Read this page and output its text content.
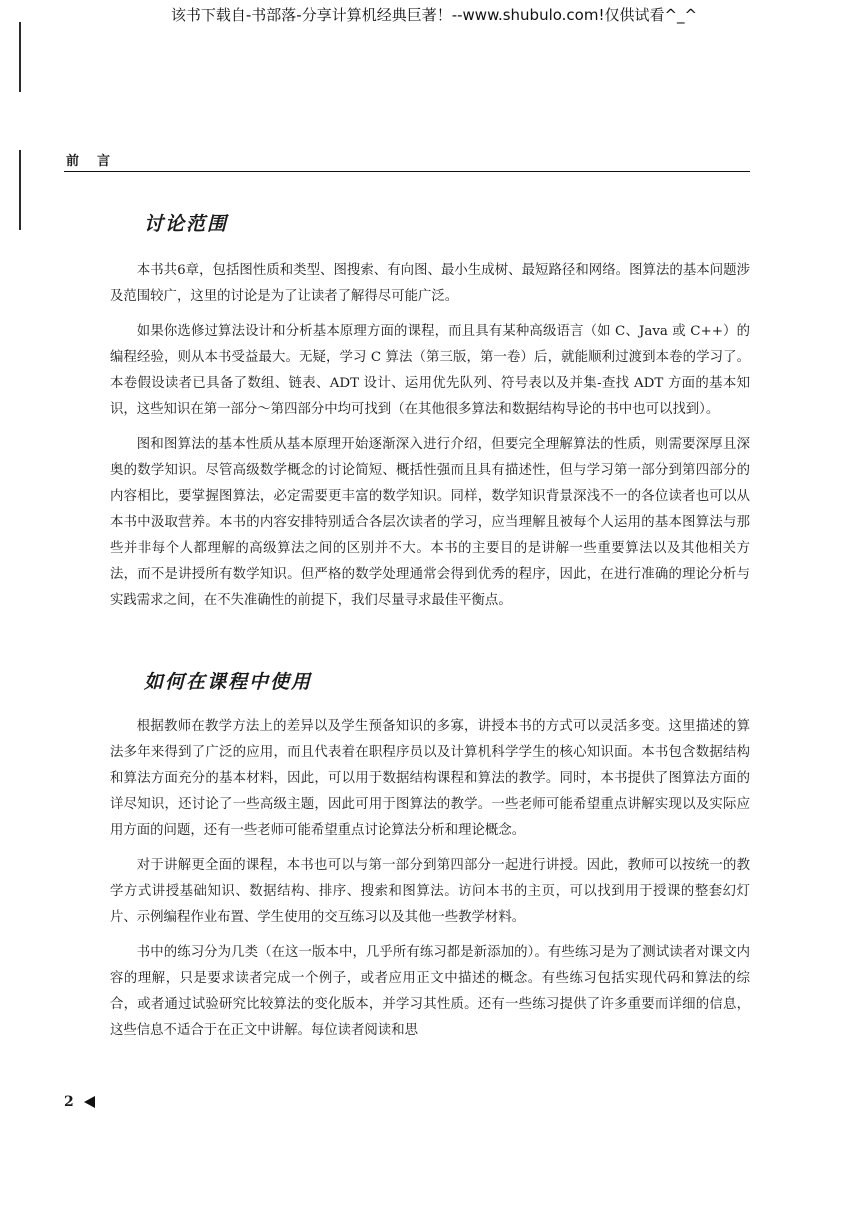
该书下载自-书部落-分享计算机经典巨著！--www.shubulo.com!仅供试看^_^
前言
讨论范围

本书共6章，包括图性质和类型、图搜索、有向图、最小生成树、最短路径和网络。图算法的基本问题涉及范围较广，这里的讨论是为了让读者了解得尽可能广泛。

如果你选修过算法设计和分析基本原理方面的课程，而且具有某种高级语言（如 C、Java 或 C++）的编程经验，则从本书受益最大。无疑，学习 C 算法（第三版，第一卷）后，就能顺利过渡到本卷的学习了。本卷假设读者已具备了数组、链表、ADT 设计、运用优先队列、符号表以及并集-查找 ADT 方面的基本知识，这些知识在第一部分～第四部分中均可找到（在其他很多算法和数据结构导论的书中也可以找到）。

图和图算法的基本性质从基本原理开始逐渐深入进行介绍，但要完全理解算法的性质，则需要深厚且深奥的数学知识。尽管高级数学概念的讨论简短、概括性强而且具有描述性，但与学习第一部分到第四部分的内容相比，要掌握图算法，必定需要更丰富的数学知识。同样，数学知识背景深浅不一的各位读者也可以从本书中汲取营养。本书的内容安排特别适合各层次读者的学习，应当理解且被每个人运用的基本图算法与那些并非每个人都理解的高级算法之间的区别并不大。本书的主要目的是讲解一些重要算法以及其他相关方法，而不是讲授所有数学知识。但严格的数学处理通常会得到优秀的程序，因此，在进行准确的理论分析与实践需求之间，在不失准确性的前提下，我们尽量寻求最佳平衡点。

如何在课程中使用

根据教师在教学方法上的差异以及学生预备知识的多寡，讲授本书的方式可以灵活多变。这里描述的算法多年来得到了广泛的应用，而且代表着在职程序员以及计算机科学学生的核心知识面。本书包含数据结构和算法方面充分的基本材料，因此，可以用于数据结构课程和算法的教学。同时，本书提供了图算法方面的详尽知识，还讨论了一些高级主题，因此可用于图算法的教学。一些老师可能希望重点讲解实现以及实际应用方面的问题，还有一些老师可能希望重点讨论算法分析和理论概念。

对于讲解更全面的课程，本书也可以与第一部分到第四部分一起进行讲授。因此，教师可以按统一的教学方式讲授基础知识、数据结构、排序、搜索和图算法。访问本书的主页，可以找到用于授课的整套幻灯片、示例编程作业布置、学生使用的交互练习以及其他一些教学材料。

书中的练习分为几类（在这一版本中，几乎所有练习都是新添加的）。有些练习是为了测试读者对课文内容的理解，只是要求读者完成一个例子，或者应用正文中描述的概念。有些练习包括实现代码和算法的综合，或者通过试验研究比较算法的变化版本，并学习其性质。还有一些练习提供了许多重要而详细的信息，这些信息不适合于在正文中讲解。每位读者阅读和思

2
